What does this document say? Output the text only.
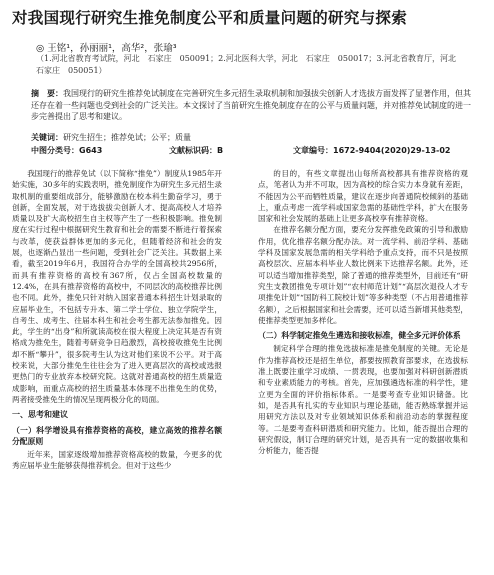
对我国现行研究生推免制度公平和质量问题的研究与探索
◎ 王铭¹，孙丽丽¹，高华²，张瑜³
（1.河北省教育考试院，河北　石家庄　050091；2.河北医科大学，河北　石家庄　050017；3.河北省教育厅，河北　石家庄　050051）
摘　要：我国现行的研究生推荐免试制度在完善研究生多元招生录取机制和加强拔尖创新人才选拔方面发挥了显著作用，但其还存在着一些问题也受到社会的广泛关注。本文探讨了当前研究生推免制度存在的公平与质量问题，并对推荐免试制度的进一步完善提出了思考和建议。
关键词：研究生招生；推荐免试；公平；质量
中图分类号：G643	文献标识码：B	文章编号：1672-9404(2020)29-13-02

我国现行的推荐免试（以下简称“推免”）制度从1985年开始实施，30多年的实践表明，推免制度作为研究生多元招生录取机制的重要组成部分，能够激励在校本科生勤奋学习，勇于创新，全面发展，对于选拔拔尖创新人才、提高高校人才培养质量以及扩大高校招生自主权等产生了一些积极影响。推免制度在实行过程中根据研究生教育和社会的需要不断进行着探索与改革，使获益群体更加的多元化，但随着经济和社会的发展，也逐渐凸显出一些问题，受到社会广泛关注。其数据上来看，截至2019年6月，我国符合办学的全国高校共2956所，而具有推荐资格的高校有367所，仅占全国高校数量的12.4%，在具有推荐资格的高校中，不同层次的高校推荐比例也不同。此外，推免只针对纳入国家普通本科招生计划录取的应届毕业生，不包括专升本、第二学士学位、独立学院学生，自考生、成考生、往届本科生和社会考生都无法参加推免。因此，学生的“出身”和所就读高校在很大程度上决定其是否有资格成为推免生，随着考研竞争日趋激烈，高校接收推免生比例却不断“攀升”，很多院考生认为这对他们来说不公平。对于高校来说，大部分推免生往往会为了进入更高层次的高校或选报更热门的专业放弃本校研究院。这就对普通高校的招生质量造成影响，而重点高校的招生质量基本体现不出推免生的优势，两者接受推免生的情况呈现两极分化的局面。

一、思考和建议
（一）科学增设具有推荐资格的高校，建立高效的推荐名额分配原则

近年来，国家逐级增加推荐资格高校的数量，今更多的优秀应届毕业生能够获得推荐机会。但对于这些少

的目的，有些文章提出山每所高校都具有推荐资格的观点，笔者认为并不可取，因为高校的综合实力本身就有差距，不能因为公平而牺牲质量，建议在逐步向普通院校倾斜的基础上，重点考虑一流学科或国家急需的基础性学科，扩大在服务国家和社会发展的基础上让更多高校享有推荐资格。

在推荐名额分配方面，要充分发挥推免政策的引导和激励作用，优化推荐名额分配办法。对一流学科、前沿学科、基础学科及国家发展急需的相关学科给予重点支持，而不只是按照高校层次、应届本科毕业人数比例来下达推荐名额。此外，还可以适当增加推荐类型，除了普通的推荐类型外，目前还有“研究生支教团推免专项计划”“农村师范计划”“高层次退役人才专项推免计划”“国防科工院校计划”等多种类型（不占用普通推荐名额），之后根据国家和社会需要，还可以适当新增其他类型，使推荐类型更加多样化。

（二）科学制定推免生遴选和接收标准，健全多元评价体系

制定科学合理的推免选拔标准是推免制度的关键。无论是作为推荐高校还是招生单位，都要按照教育部要求，在选拔标准上既要注重学习成绩、一贯表现，也要加强对科研创新潜质和专业素质能力的考核。首先，应加强遴选标准的科学性，建立更为全面的评价指标体系。一是要考查专业知识储备。比如，是否具有扎实的专业知识与理论基础，能否熟练掌握并运用研究方法以及对专业领域知识体系和前沿动态的掌握程度等。二是要考查科研潜质和研究能力。比如，能否提出合理的研究假设，制订合理的研究计划，是否具有一定的数据收集和分析能力，能否提
